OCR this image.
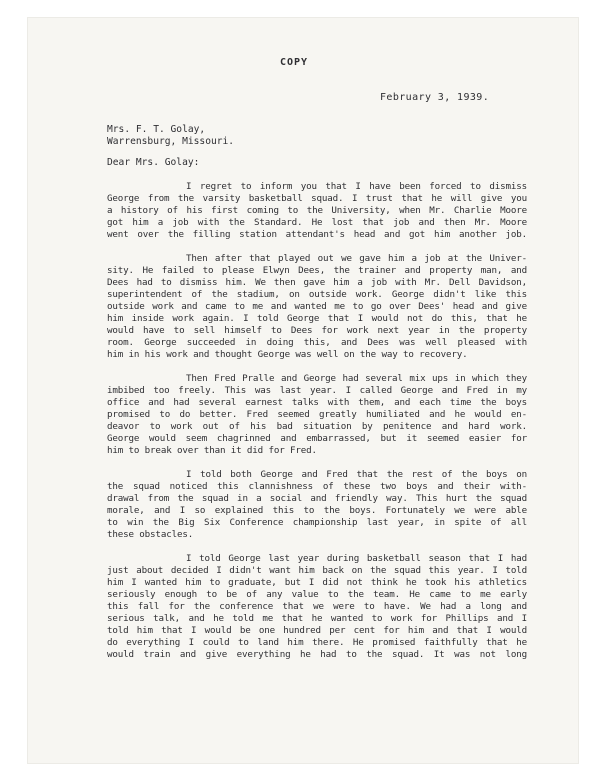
COPY
February 3, 1939.
Mrs. F. T. Golay,
Warrensburg, Missouri.
Dear Mrs. Golay:
I regret to inform you that I have been forced to dismiss
George from the varsity basketball squad. I trust that he will give you
a history of his first coming to the University, when Mr. Charlie Moore
got him a job with the Standard. He lost that job and then Mr. Moore
went over the filling station attendant's head and got him another job.
Then after that played out we gave him a job at the Univer-
sity. He failed to please Elwyn Dees, the trainer and property man, and
Dees had to dismiss him. We then gave him a job with Mr. Dell Davidson,
superintendent of the stadium, on outside work. George didn't like this
outside work and came to me and wanted me to go over Dees' head and give
him inside work again. I told George that I would not do this, that he
would have to sell himself to Dees for work next year in the property
room. George succeeded in doing this, and Dees was well pleased with
him in his work and thought George was well on the way to recovery.
Then Fred Pralle and George had several mix ups in which they
imbibed too freely. This was last year. I called George and Fred in my
office and had several earnest talks with them, and each time the boys
promised to do better. Fred seemed greatly humiliated and he would en-
deavor to work out of his bad situation by penitence and hard work.
George would seem chagrinned and embarrassed, but it seemed easier for
him to break over than it did for Fred.
I told both George and Fred that the rest of the boys on
the squad noticed this clannishness of these two boys and their with-
drawal from the squad in a social and friendly way. This hurt the squad
morale, and I so explained this to the boys. Fortunately we were able
to win the Big Six Conference championship last year, in spite of all
these obstacles.
I told George last year during basketball season that I had
just about decided I didn't want him back on the squad this year. I told
him I wanted him to graduate, but I did not think he took his athletics
seriously enough to be of any value to the team. He came to me early
this fall for the conference that we were to have. We had a long and
serious talk, and he told me that he wanted to work for Phillips and I
told him that I would be one hundred per cent for him and that I would
do everything I could to land him there. He promised faithfully that he
would train and give everything he had to the squad. It was not long
